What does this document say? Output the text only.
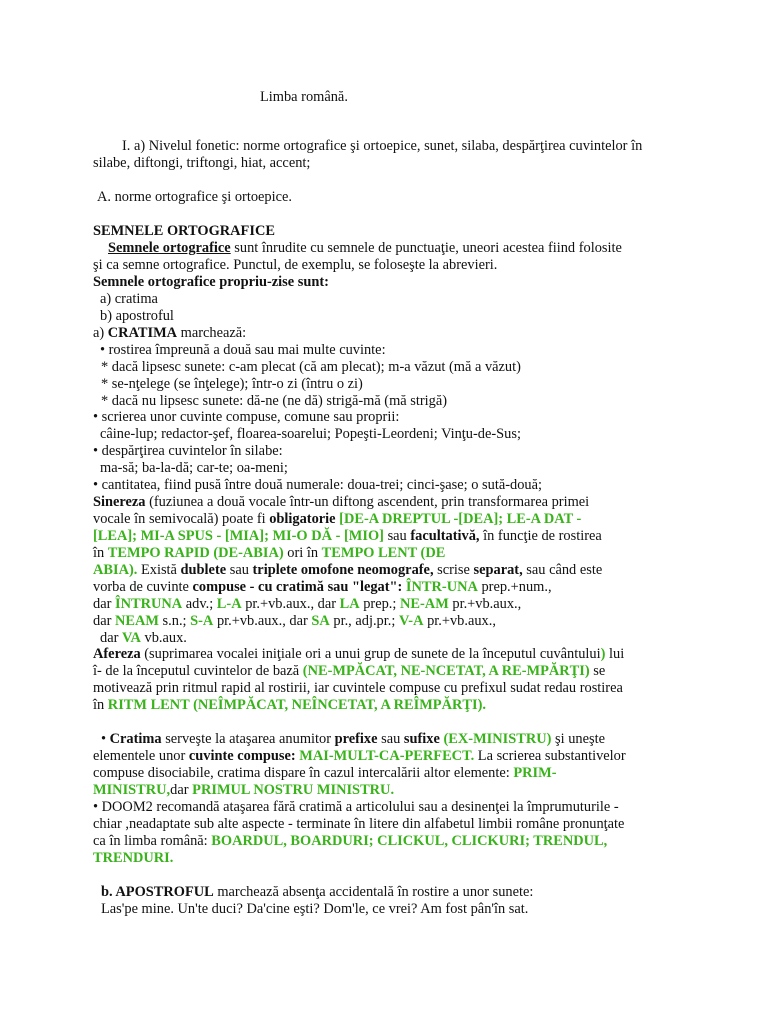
Limba română.
I. a) Nivelul fonetic: norme ortografice şi ortoepice, sunet, silaba, despărţirea cuvintelor în
silabe, diftongi, triftongi, hiat, accent;
A. norme ortografice şi ortoepice.
SEMNELE ORTOGRAFICE
Semnele ortografice sunt înrudite cu semnele de punctuaţie, uneori acestea fiind folosite
şi ca semne ortografice. Punctul, de exemplu, se foloseşte la abrevieri.
Semnele ortografice propriu-zise sunt:
a) cratima
b) apostroful
a) CRATIMA marchează:
• rostirea împreună a două sau mai multe cuvinte:
* dacă lipsesc sunete: c-am plecat (că am plecat); m-a văzut (mă a văzut)
* se-nţelege (se înţelege); într-o zi (întru o zi)
* dacă nu lipsesc sunete: dă-ne (ne dă) strigă-mă (mă strigă)
• scrierea unor cuvinte compuse, comune sau proprii:
câine-lup; redactor-şef, floarea-soarelui; Popeşti-Leordeni; Vinţu-de-Sus;
• despărţirea cuvintelor în silabe:
ma-să; ba-la-dă; car-te; oa-meni;
• cantitatea, fiind pusă între două numerale: doua-trei; cinci-şase; o sută-două;
Sinereza (fuziunea a două vocale într-un diftong ascendent, prin transformarea primei
vocale în semivocală) poate fi obligatorie [DE-A DREPTUL -[DEA]; LE-A DAT -
[LEA]; MI-A SPUS - [MIA]; MI-O DĂ - [MIO] sau facultativă, în funcţie de rostirea
în TEMPO RAPID (DE-ABIA) ori în TEMPO LENT (DE
ABIA). Există dublete sau triplete omofone neomografe, scrise separat, sau când este
vorba de cuvinte compuse - cu cratimă sau "legat": ÎNTR-UNA prep.+num.,
dar ÎNTRUNA adv.; L-A pr.+vb.aux., dar LA prep.; NE-AM pr.+vb.aux.,
dar NEAM s.n.; S-A pr.+vb.aux., dar SA pr., adj.pr.; V-A pr.+vb.aux.,
dar VA vb.aux.
Afereza (suprimarea vocalei iniţiale ori a unui grup de sunete de la începutul cuvântului) lui
î- de la începutul cuvintelor de bază (NE-MPĂCAT, NE-NCETAT, A RE-MPĂRŢI) se
motivează prin ritmul rapid al rostirii, iar cuvintele compuse cu prefixul sudat redau rostirea
în RITM LENT (NEÎMPĂCAT, NEÎNCETAT, A REÎMPĂRŢI).
• Cratima serveşte la ataşarea anumitor prefixe sau sufixe (EX-MINISTRU) şi uneşte
elementele unor cuvinte compuse: MAI-MULT-CA-PERFECT. La scrierea substantivelor
compuse disociabile, cratima dispare în cazul intercalării altor elemente: PRIM-
MINISTRU,dar PRIMUL NOSTRU MINISTRU.
• DOOM2 recomandă ataşarea fără cratimă a articolului sau a desinenţei la împrumuturile -
chiar ,neadaptate sub alte aspecte - terminate în litere din alfabetul limbii române pronunţate
ca în limba română: BOARDUL, BOARDURI; CLICKUL, CLICKURI; TRENDUL,
TRENDURI.
b. APOSTROFUL marchează absenţa accidentală în rostire a unor sunete:
Las'pe mine. Un'te duci? Da'cine eşti? Dom'le, ce vrei? Am fost pân'în sat.
